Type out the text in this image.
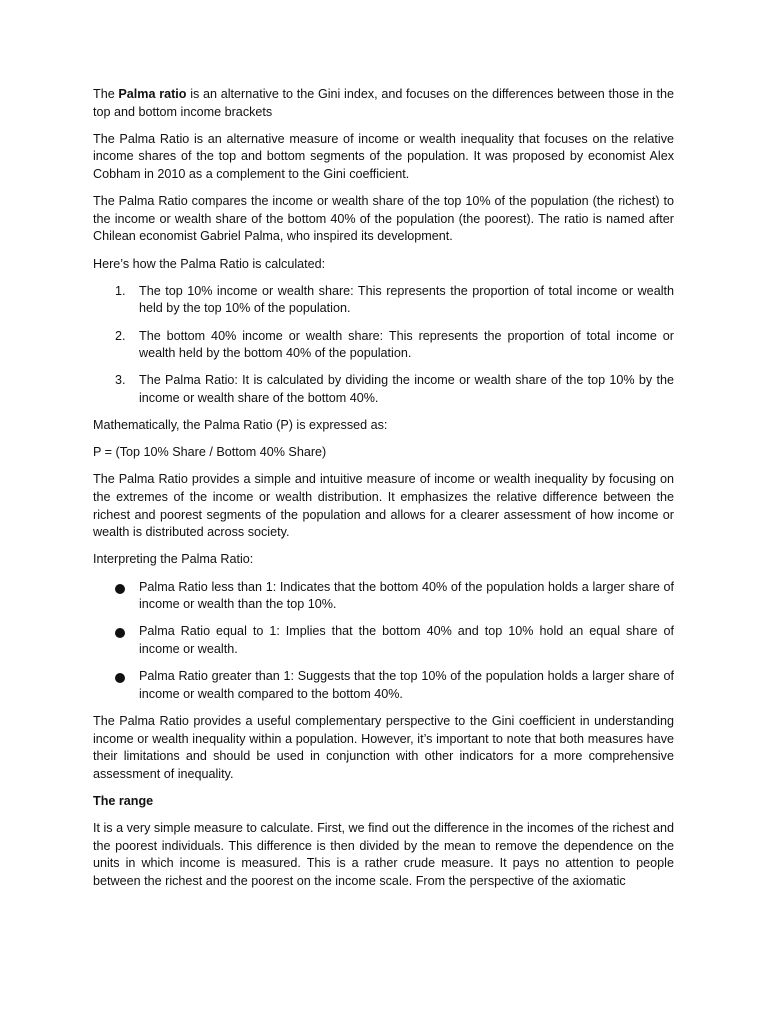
The Palma ratio is an alternative to the Gini index, and focuses on the differences between those in the top and bottom income brackets

The Palma Ratio is an alternative measure of income or wealth inequality that focuses on the relative income shares of the top and bottom segments of the population. It was proposed by economist Alex Cobham in 2010 as a complement to the Gini coefficient.

The Palma Ratio compares the income or wealth share of the top 10% of the population (the richest) to the income or wealth share of the bottom 40% of the population (the poorest). The ratio is named after Chilean economist Gabriel Palma, who inspired its development.

Here’s how the Palma Ratio is calculated:

1. The top 10% income or wealth share: This represents the proportion of total income or wealth held by the top 10% of the population.
2. The bottom 40% income or wealth share: This represents the proportion of total income or wealth held by the bottom 40% of the population.
3. The Palma Ratio: It is calculated by dividing the income or wealth share of the top 10% by the income or wealth share of the bottom 40%.

Mathematically, the Palma Ratio (P) is expressed as:

P = (Top 10% Share / Bottom 40% Share)

The Palma Ratio provides a simple and intuitive measure of income or wealth inequality by focusing on the extremes of the income or wealth distribution. It emphasizes the relative difference between the richest and poorest segments of the population and allows for a clearer assessment of how income or wealth is distributed across society.

Interpreting the Palma Ratio:

Palma Ratio less than 1: Indicates that the bottom 40% of the population holds a larger share of income or wealth than the top 10%.
Palma Ratio equal to 1: Implies that the bottom 40% and top 10% hold an equal share of income or wealth.
Palma Ratio greater than 1: Suggests that the top 10% of the population holds a larger share of income or wealth compared to the bottom 40%.

The Palma Ratio provides a useful complementary perspective to the Gini coefficient in understanding income or wealth inequality within a population. However, it’s important to note that both measures have their limitations and should be used in conjunction with other indicators for a more comprehensive assessment of inequality.

The range

It is a very simple measure to calculate. First, we find out the difference in the incomes of the richest and the poorest individuals. This difference is then divided by the mean to remove the dependence on the units in which income is measured. This is a rather crude measure. It pays no attention to people between the richest and the poorest on the income scale. From the perspective of the axiomatic
